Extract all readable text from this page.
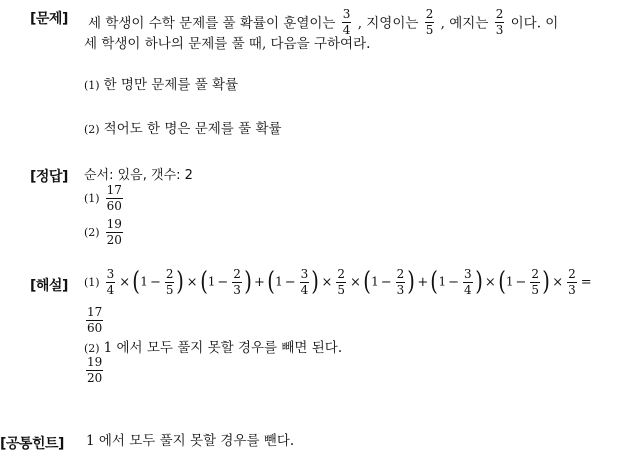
[문제] 세 학생이 수학 문제를 풀 확률이 훈열이는 $\frac{3}{4}$ , 지영이는 $\frac{2}{5}$ , 예지는 $\frac{2}{3}$ 이다. 이
세 학생이 하나의 문제를 풀 때, 다음을 구하여라.
(1) 한 명만 문제를 풀 확률
(2) 적어도 한 명은 문제를 풀 확률
[정답] 순서: 있음, 갯수: 2
$(1) \frac{17}{60}$
$(2) \frac{19}{20}$
[해설] $(1) \frac{3}{4} \times(1 - \frac{2}{5}$ ) $\times(1 - \frac{2}{3}$ ) $+(1 - \frac{3}{4}$ ) × $\frac{2}{5} \times(1 - \frac{2}{3}$ ) $+(1 - \frac{3}{4}$ ) $\times(1 - \frac{2}{5}$ ) × $\frac{2}{3}$ =
$\frac{17}{60}$
(2) 1 에서 모두 풀지 못할 경우를 빼면 된다.
$\frac{19}{20}$
[공통힌트] 1 에서 모두 풀지 못할 경우를 뺀다.
